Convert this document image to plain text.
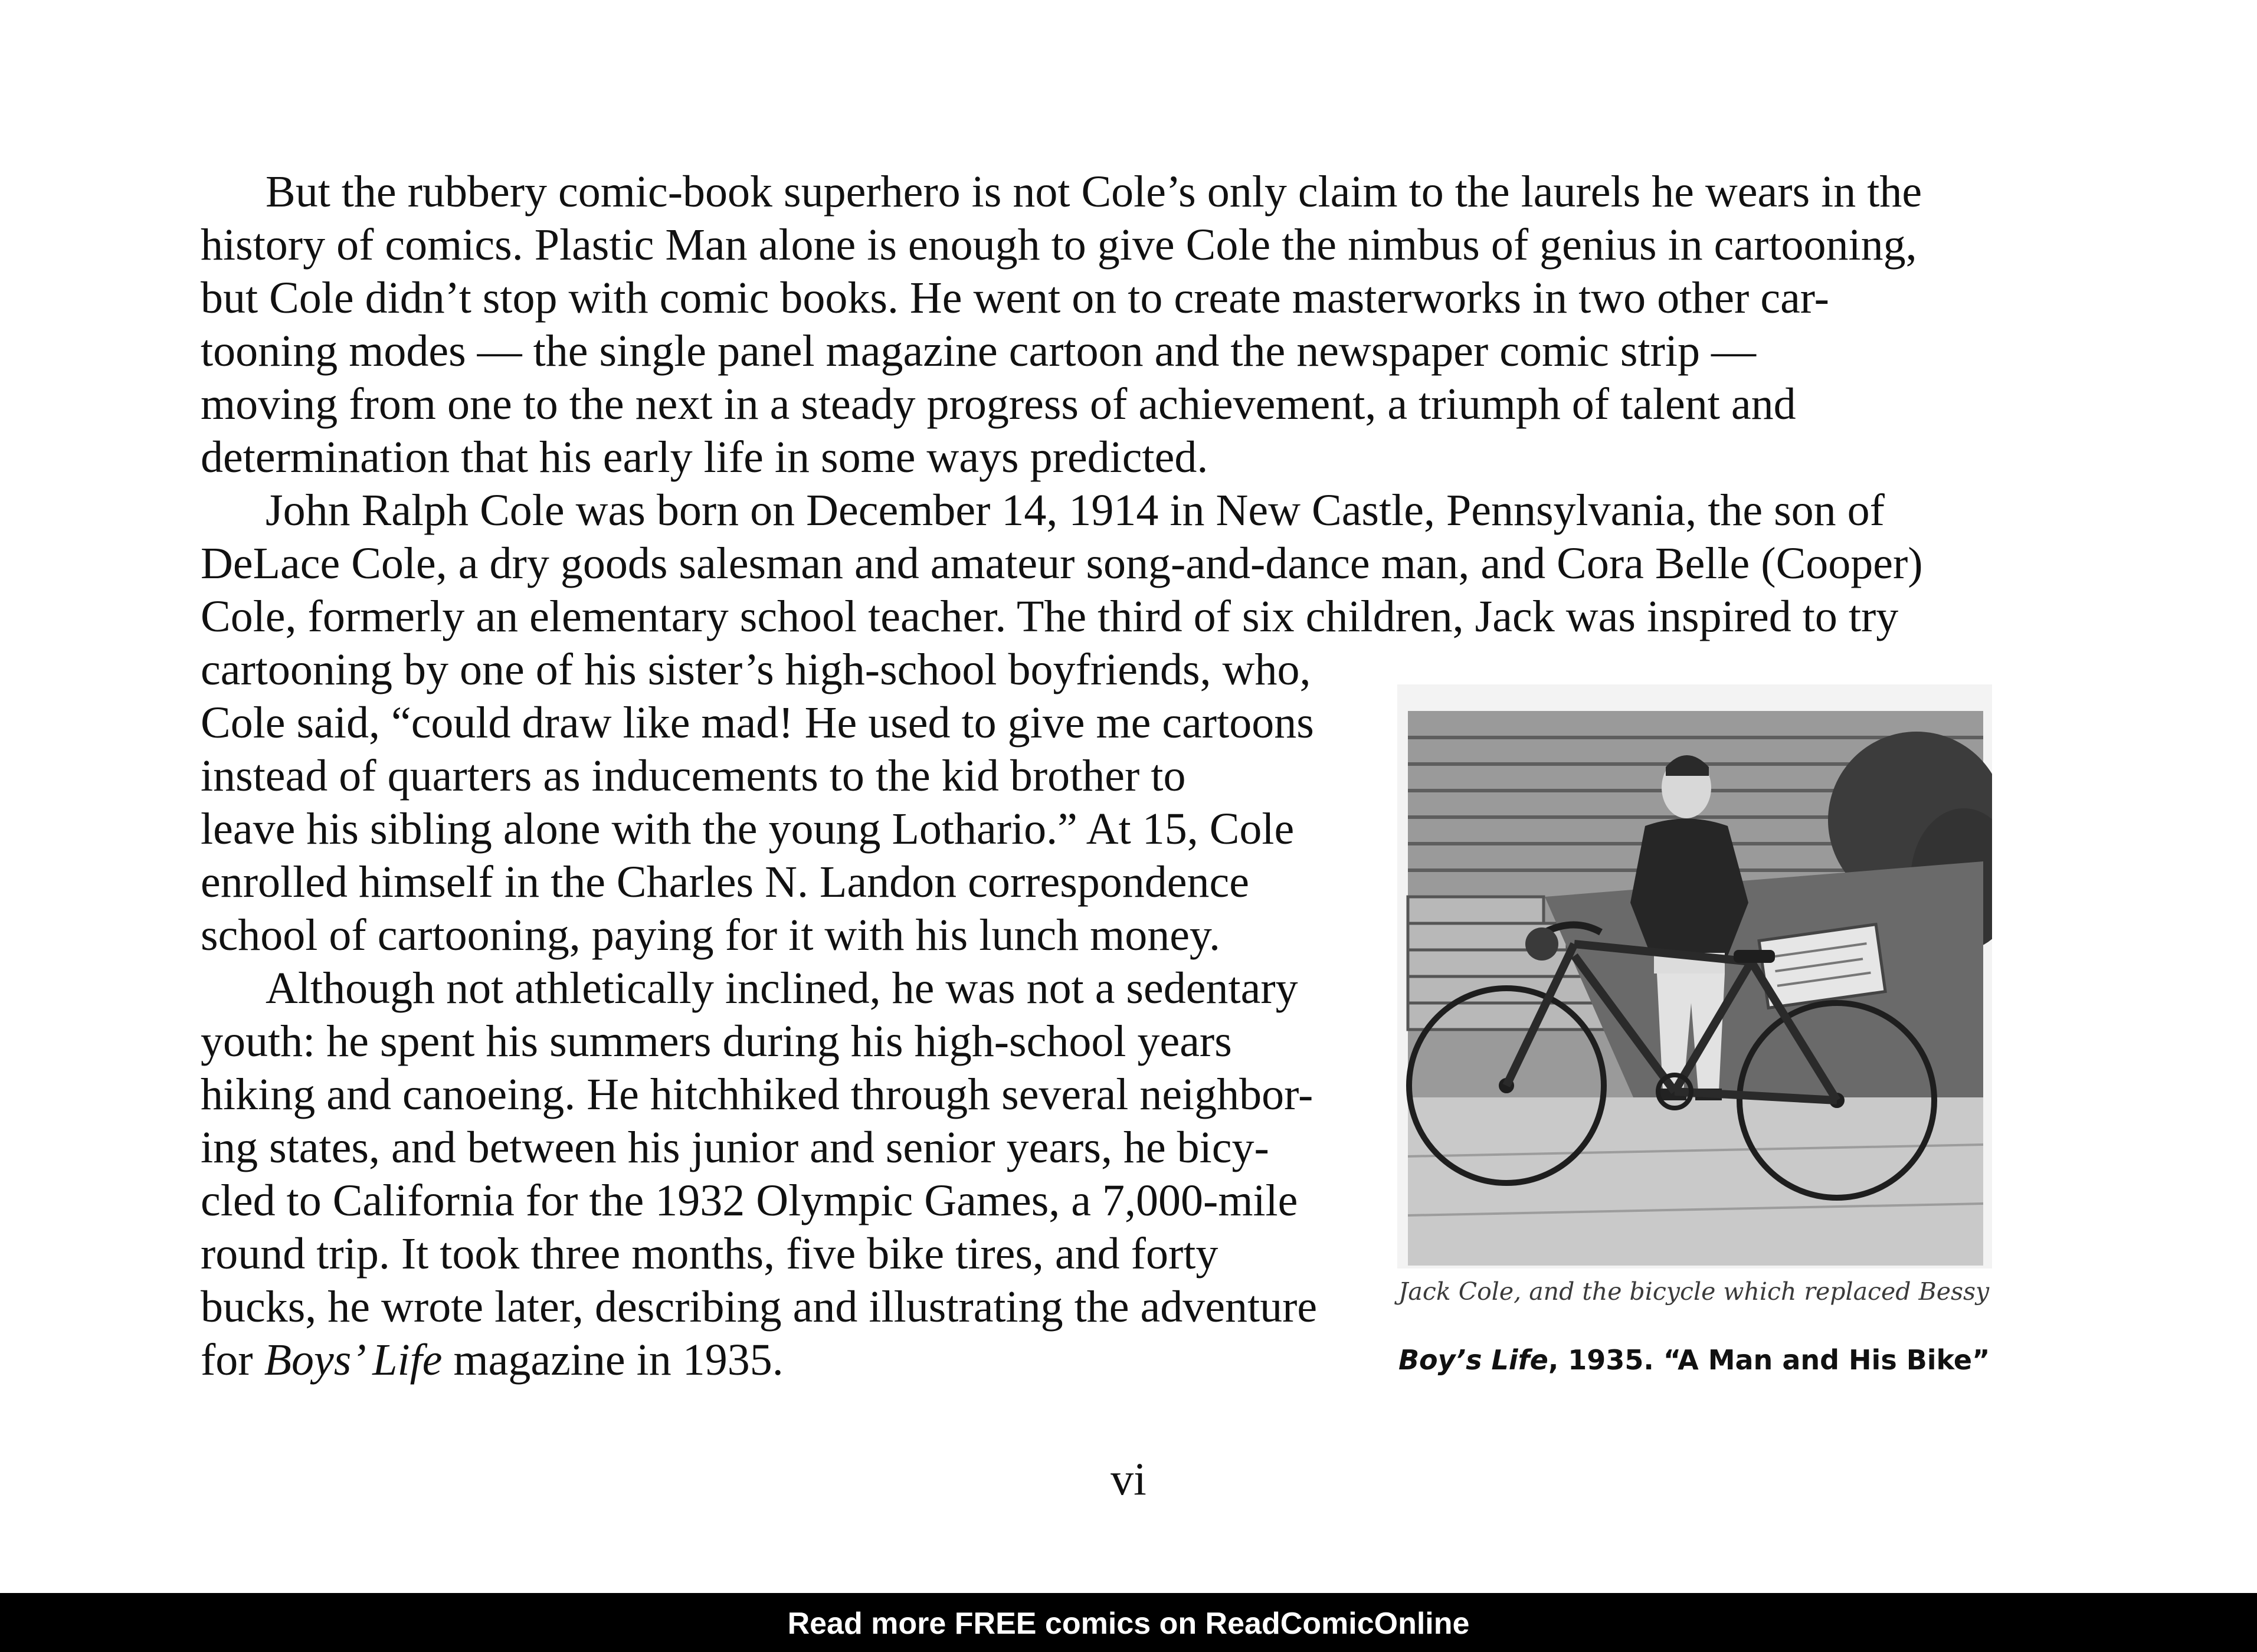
But the rubbery comic-book superhero is not Cole’s only claim to the laurels he wears in the
history of comics. Plastic Man alone is enough to give Cole the nimbus of genius in cartooning,
but Cole didn’t stop with comic books. He went on to create masterworks in two other car-
tooning modes — the single panel magazine cartoon and the newspaper comic strip —
moving from one to the next in a steady progress of achievement, a triumph of talent and
determination that his early life in some ways predicted.

John Ralph Cole was born on December 14, 1914 in New Castle, Pennsylvania, the son of
DeLace Cole, a dry goods salesman and amateur song-and-dance man, and Cora Belle (Cooper)
Cole, formerly an elementary school teacher. The third of six children, Jack was inspired to try
cartooning by one of his sister’s high-school boyfriends, who,
Cole said, “could draw like mad! He used to give me cartoons
instead of quarters as inducements to the kid brother to
leave his sibling alone with the young Lothario.” At 15, Cole
enrolled himself in the Charles N. Landon correspondence
school of cartooning, paying for it with his lunch money.

Although not athletically inclined, he was not a sedentary
youth: he spent his summers during his high-school years
hiking and canoeing. He hitchhiked through several neighbor-
ing states, and between his junior and senior years, he bicy-
cled to California for the 1932 Olympic Games, a 7,000-mile
round trip. It took three months, five bike tires, and forty
bucks, he wrote later, describing and illustrating the adventure
for Boys’ Life magazine in 1935.

Jack Cole, and the bicycle which replaced Bessy
Boy’s Life, 1935. “A Man and His Bike”
vi
Read more FREE comics on ReadComicOnline
